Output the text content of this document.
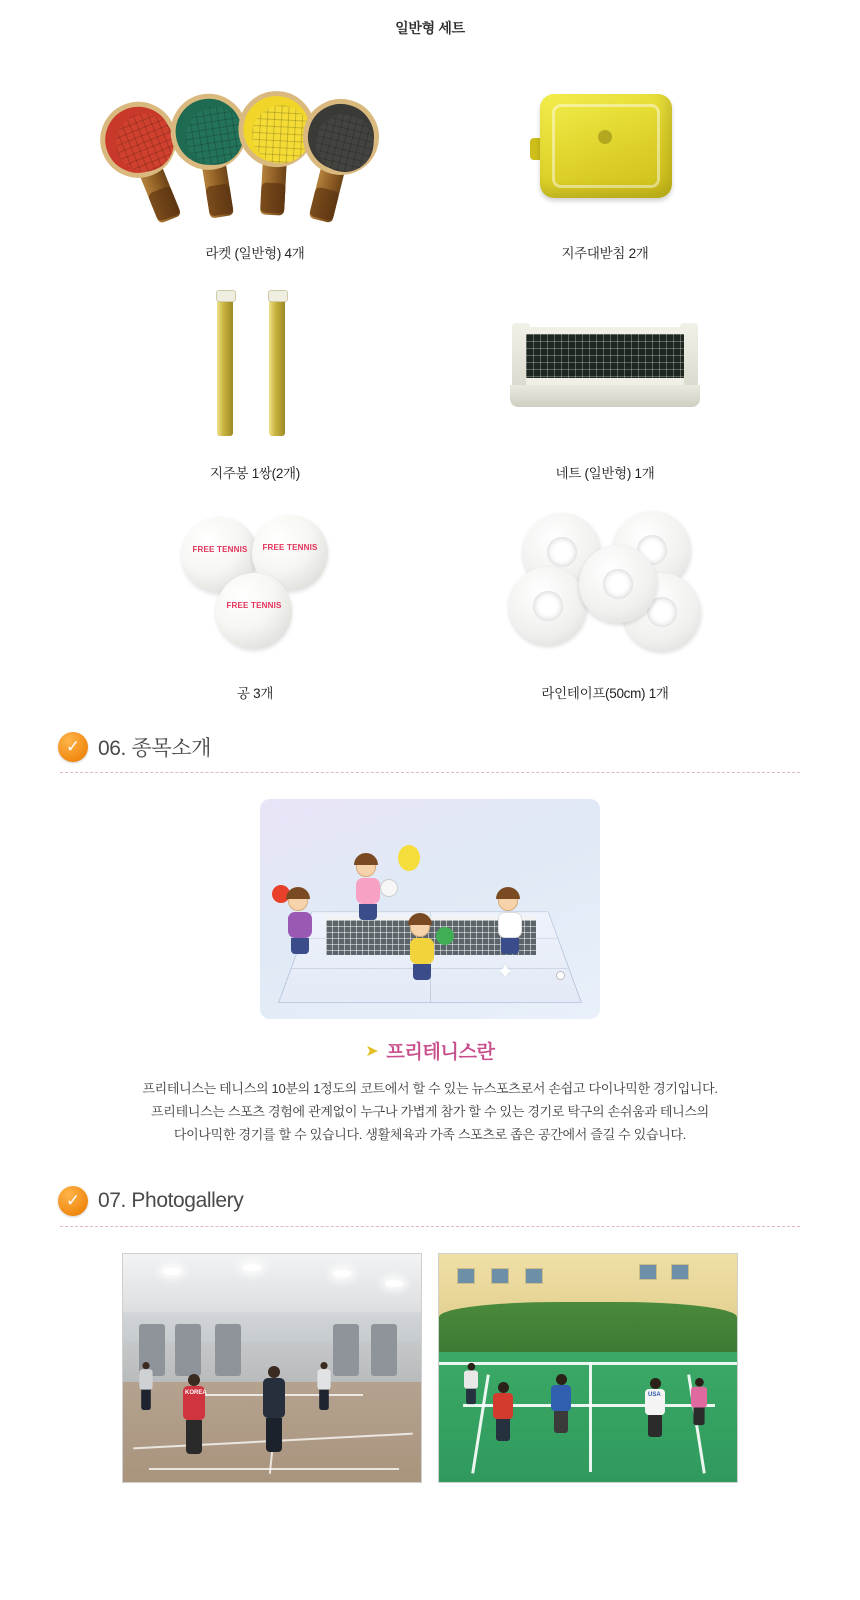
일반형 세트
라켓 (일반형) 4개	지주대받침 2개
지주봉 1쌍(2개)	네트 (일반형) 1개
FREE TENNIS	FREE TENNIS
FREE TENNIS
공 3개	라인테이프(50cm) 1개
✓ 06. 종목소개
✦
➤ 프리테니스란
프리테니스는 테니스의 10분의 1정도의 코트에서 할 수 있는 뉴스포츠로서 손쉽고 다이나믹한 경기입니다.
프리테니스는 스포츠 경험에 관계없이 누구나 가볍게 참가 할 수 있는 경기로 탁구의 손쉬움과 테니스의
다이나믹한 경기를 할 수 있습니다. 생활체육과 가족 스포츠로 좁은 공간에서 즐길 수 있습니다.
✓ 07. Photogallery
KOREA	USA
